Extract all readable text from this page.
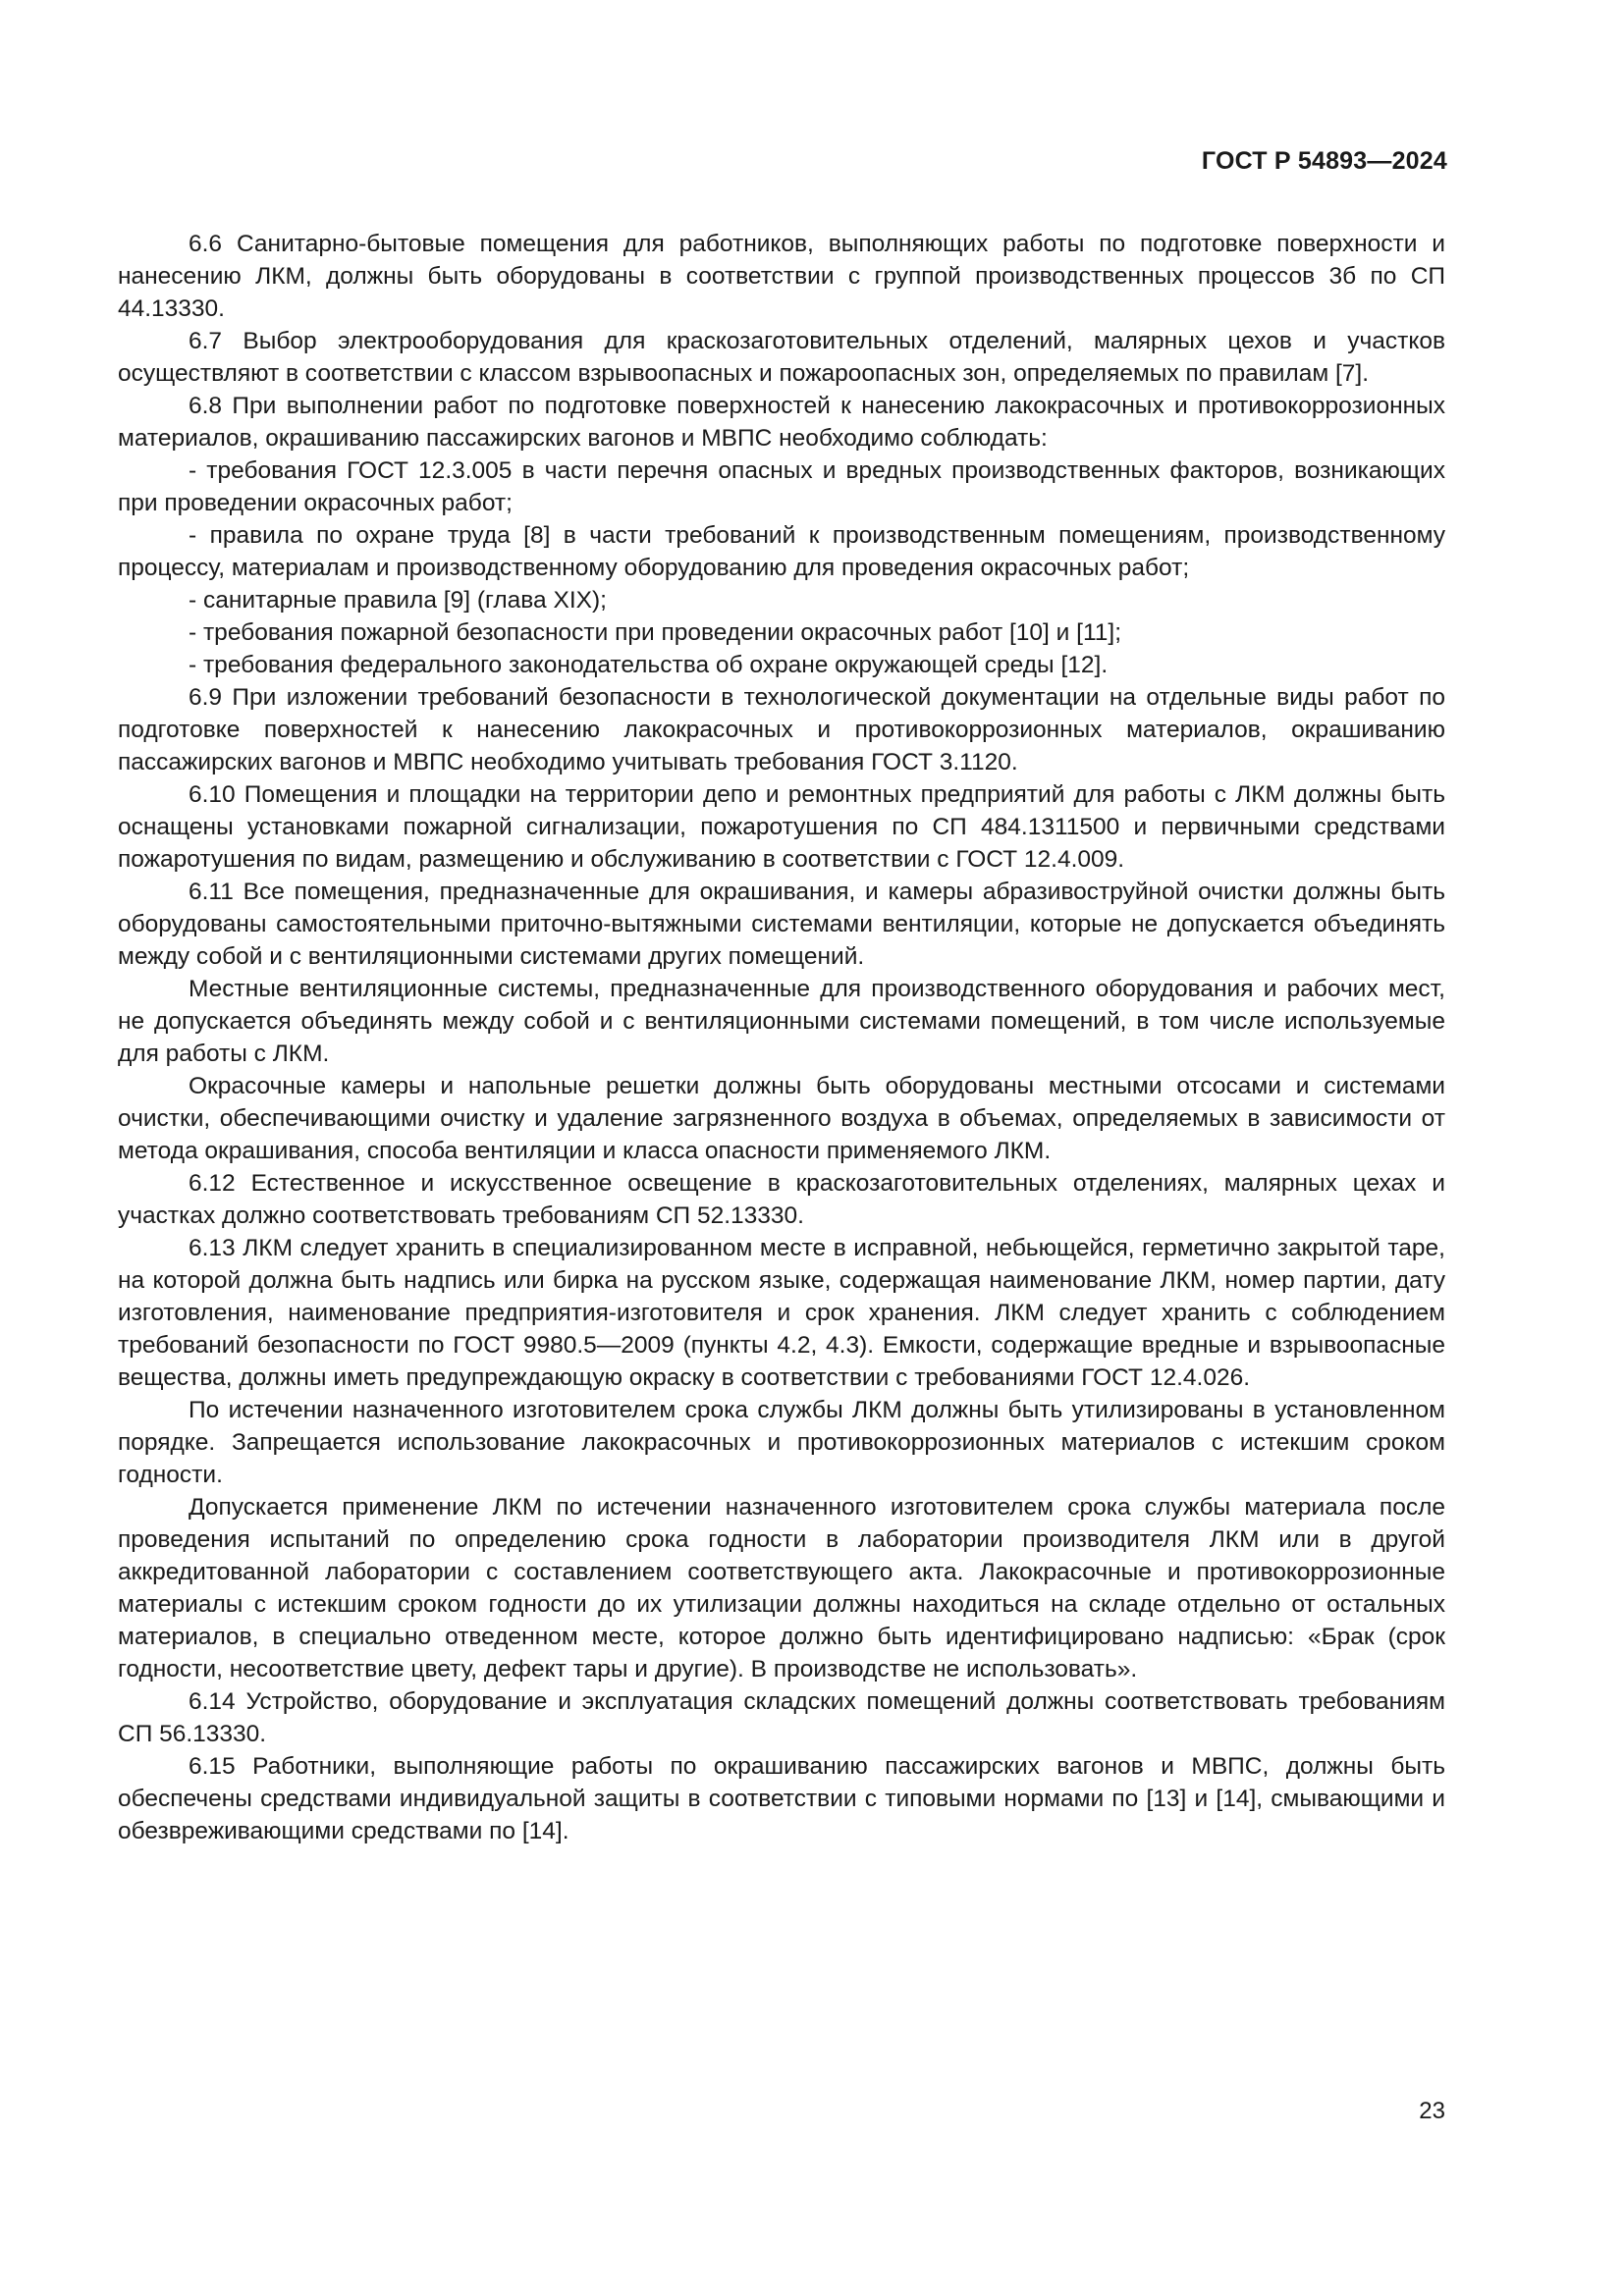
ГОСТ Р 54893—2024

6.6 Санитарно-бытовые помещения для работников, выполняющих работы по подготовке поверхности и нанесению ЛКМ, должны быть оборудованы в соответствии с группой производственных процессов 3б по СП 44.13330.

6.7 Выбор электрооборудования для краскозаготовительных отделений, малярных цехов и участков осуществляют в соответствии с классом взрывоопасных и пожароопасных зон, определяемых по правилам [7].

6.8 При выполнении работ по подготовке поверхностей к нанесению лакокрасочных и противокоррозионных материалов, окрашиванию пассажирских вагонов и МВПС необходимо соблюдать:

- требования ГОСТ 12.3.005 в части перечня опасных и вредных производственных факторов, возникающих при проведении окрасочных работ;

- правила по охране труда [8] в части требований к производственным помещениям, производственному процессу, материалам и производственному оборудованию для проведения окрасочных работ;

- санитарные правила [9] (глава XIX);

- требования пожарной безопасности при проведении окрасочных работ [10] и [11];

- требования федерального законодательства об охране окружающей среды [12].

6.9 При изложении требований безопасности в технологической документации на отдельные виды работ по подготовке поверхностей к нанесению лакокрасочных и противокоррозионных материалов, окрашиванию пассажирских вагонов и МВПС необходимо учитывать требования ГОСТ 3.1120.

6.10 Помещения и площадки на территории депо и ремонтных предприятий для работы с ЛКМ должны быть оснащены установками пожарной сигнализации, пожаротушения по СП 484.1311500 и первичными средствами пожаротушения по видам, размещению и обслуживанию в соответствии с ГОСТ 12.4.009.

6.11 Все помещения, предназначенные для окрашивания, и камеры абразивоструйной очистки должны быть оборудованы самостоятельными приточно-вытяжными системами вентиляции, которые не допускается объединять между собой и с вентиляционными системами других помещений.

Местные вентиляционные системы, предназначенные для производственного оборудования и рабочих мест, не допускается объединять между собой и с вентиляционными системами помещений, в том числе используемые для работы с ЛКМ.

Окрасочные камеры и напольные решетки должны быть оборудованы местными отсосами и системами очистки, обеспечивающими очистку и удаление загрязненного воздуха в объемах, определяемых в зависимости от метода окрашивания, способа вентиляции и класса опасности применяемого ЛКМ.

6.12 Естественное и искусственное освещение в краскозаготовительных отделениях, малярных цехах и участках должно соответствовать требованиям СП 52.13330.

6.13 ЛКМ следует хранить в специализированном месте в исправной, небьющейся, герметично закрытой таре, на которой должна быть надпись или бирка на русском языке, содержащая наименование ЛКМ, номер партии, дату изготовления, наименование предприятия-изготовителя и срок хранения. ЛКМ следует хранить с соблюдением требований безопасности по ГОСТ 9980.5—2009 (пункты 4.2, 4.3). Емкости, содержащие вредные и взрывоопасные вещества, должны иметь предупреждающую окраску в соответствии с требованиями ГОСТ 12.4.026.

По истечении назначенного изготовителем срока службы ЛКМ должны быть утилизированы в установленном порядке. Запрещается использование лакокрасочных и противокоррозионных материалов с истекшим сроком годности.

Допускается применение ЛКМ по истечении назначенного изготовителем срока службы материала после проведения испытаний по определению срока годности в лаборатории производителя ЛКМ или в другой аккредитованной лаборатории с составлением соответствующего акта. Лакокрасочные и противокоррозионные материалы с истекшим сроком годности до их утилизации должны находиться на складе отдельно от остальных материалов, в специально отведенном месте, которое должно быть идентифицировано надписью: «Брак (срок годности, несоответствие цвету, дефект тары и другие). В производстве не использовать».

6.14 Устройство, оборудование и эксплуатация складских помещений должны соответствовать требованиям СП 56.13330.

6.15 Работники, выполняющие работы по окрашиванию пассажирских вагонов и МВПС, должны быть обеспечены средствами индивидуальной защиты в соответствии с типовыми нормами по [13] и [14], смывающими и обезвреживающими средствами по [14].

23
